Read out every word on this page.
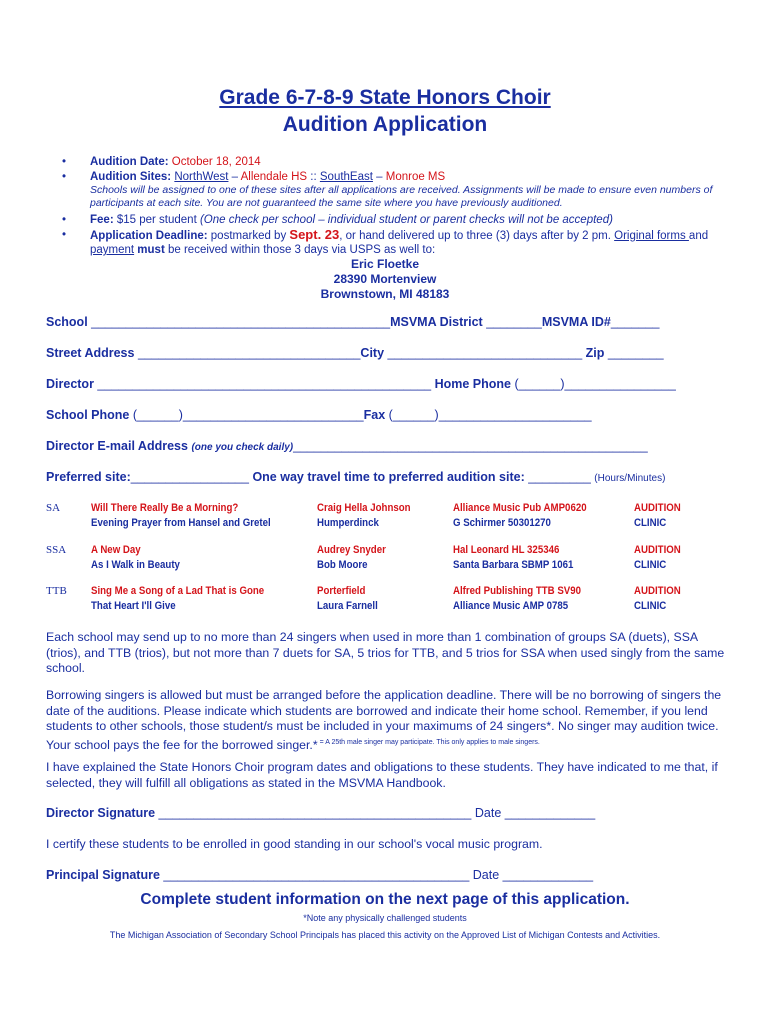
Grade 6-7-8-9 State Honors Choir
Audition Application
• Audition Date: October 18, 2014
• Audition Sites: NorthWest – Allendale HS :: SouthEast – Monroe MS
Schools will be assigned to one of these sites after all applications are received. Assignments will be made to ensure even numbers of participants at each site. You are not guaranteed the same site where you have previously auditioned.
• Fee: $15 per student (One check per school – individual student or parent checks will not be accepted)
• Application Deadline: postmarked by Sept. 23, or hand delivered up to three (3) days after by 2 pm. Original forms and
payment must be received within those 3 days via USPS as well to:
Eric Floetke
28390 Mortenview
Brownstown, MI 48183
School ___________________________________________MSVMA District ________MSVMA ID#_______
Street Address ________________________________City ____________________________ Zip ________
Director ________________________________________________ Home Phone (______)________________
School Phone (______)__________________________Fax (______)______________________
Director E-mail Address (one you check daily)___________________________________________________
Preferred site:_________________ One way travel time to preferred audition site: _________ (Hours/Minutes)
SA	Will There Really Be a Morning?
Evening Prayer from Hansel and Gretel
Craig Hella Johnson
Humperdinck
Alliance Music Pub AMP0620
G Schirmer 50301270
AUDITION
CLINIC
SSA A New Day
As I Walk in Beauty
Audrey Snyder
Bob Moore
Hal Leonard HL 325346
Santa Barbara SBMP 1061
AUDITION
CLINIC
TTB Sing Me a Song of a Lad That is Gone
That Heart I'll Give
Porterfield
Laura Farnell
Alfred Publishing TTB SV90
Alliance Music AMP 0785
AUDITION
CLINIC
Each school may send up to no more than 24 singers when used in more than 1 combination of groups SA (duets), SSA (trios), and TTB (trios), but not more than 7 duets for SA, 5 trios for TTB, and 5 trios for SSA when used singly from the same school.
Borrowing singers is allowed but must be arranged before the application deadline. There will be no borrowing of singers the date of the auditions. Please indicate which students are borrowed and indicate their home school. Remember, if you lend students to other schools, those student/s must be included in your maximums of 24 singers*. No singer may audition twice. Your school pays the fee for the borrowed singer.* $^{= A 25th male singer may participate. This only applies to male singers.}$
I have explained the State Honors Choir program dates and obligations to these students. They have indicated to me that, if selected, they will fulfill all obligations as stated in the MSVMA Handbook.
Director Signature _____________________________________________ Date _____________
I certify these students to be enrolled in good standing in our school's vocal music program.
Principal Signature ____________________________________________ Date _____________
Complete student information on the next page of this application.
*Note any physically challenged students
The Michigan Association of Secondary School Principals has placed this activity on the Approved List of Michigan Contests and Activities.
